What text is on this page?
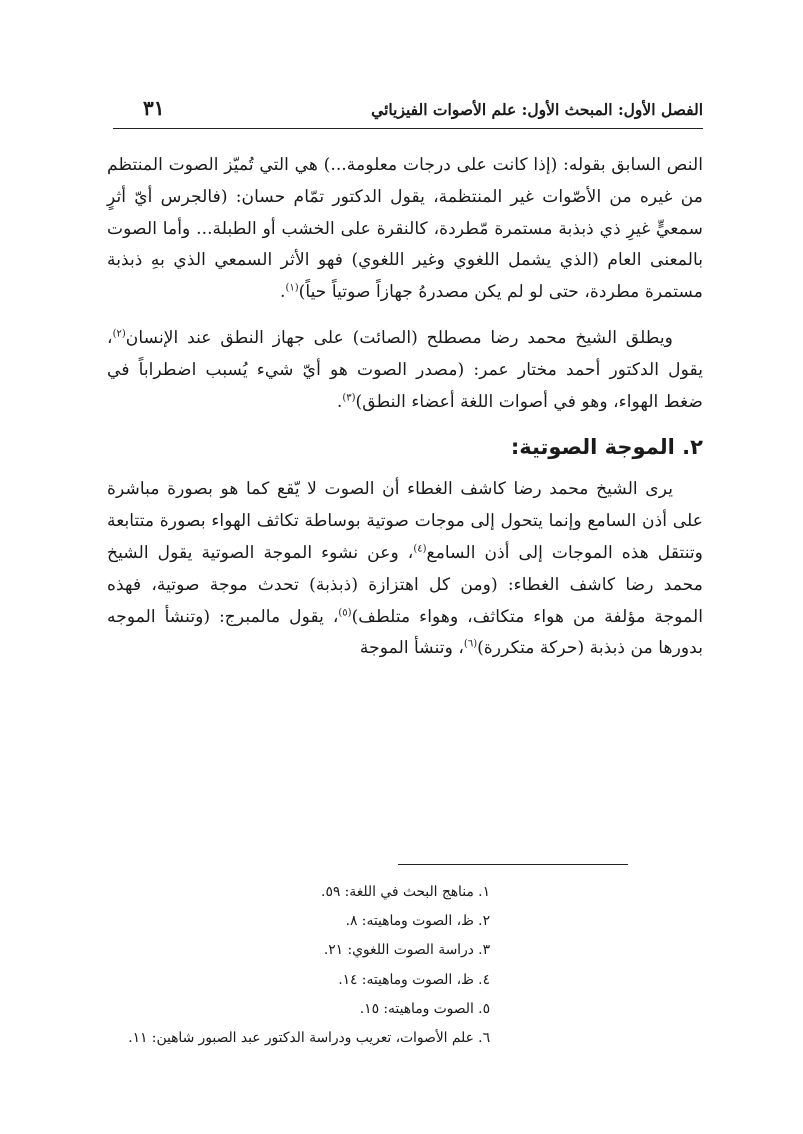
الفصل الأول: المبحث الأول: علم الأصوات الفيزيائي
٣١

النص السابق بقوله: (إذا كانت على درجات معلومة...) هي التي تُميّز الصوت المنتظم من غيره من الأصّوات غير المنتظمة، يقول الدكتور تمّام حسان: (فالجرس أيّ أثرٍ سمعيٍّ غيرِ ذي ذبذبة مستمرة مّطردة، كالنقرة على الخشب أو الطبلة... وأما الصوت بالمعنى العام (الذي يشمل اللغوي وغير اللغوي) فهو الأثر السمعي الذي بهِ ذبذبة مستمرة مطردة، حتى لو لم يكن مصدرهُ جهازاً صوتياً حياً)$^{(١)}$.

ويطلق الشيخ محمد رضا مصطلح (الصائت) على جهاز النطق عند الإنسان$^{(٢)}$، يقول الدكتور أحمد مختار عمر: (مصدر الصوت هو أيّ شيء يُسبب اضطراباً في ضغط الهواء، وهو في أصوات اللغة أعضاء النطق)$^{(٣)}$.

٢. الموجة الصوتية:

يرى الشيخ محمد رضا كاشف الغطاء أن الصوت لا يّقع كما هو بصورة مباشرة على أذن السامع وإنما يتحول إلى موجات صوتية بوساطة تكاثف الهواء بصورة متتابعة وتنتقل هذه الموجات إلى أذن السامع$^{(٤)}$، وعن نشوء الموجة الصوتية يقول الشيخ محمد رضا كاشف الغطاء: (ومن كل اهتزازة (ذبذبة) تحدث موجة صوتية، فهذه الموجة مؤلفة من هواء متكاثف، وهواء متلطف)$^{(٥)}$، يقول مالمبرج: (وتنشأ الموجه بدورها من ذبذبة (حركة متكررة)$^{(٦)}$، وتنشأ الموجة

١. مناهج البحث في اللغة: ٥٩.
٢. ظ، الصوت وماهيته: ٨.
٣. دراسة الصوت اللغوي: ٢١.
٤. ظ، الصوت وماهيته: ١٤.
٥. الصوت وماهيته: ١٥.
٦. علم الأصوات، تعريب ودراسة الدكتور عبد الصبور شاهين: ١١.
